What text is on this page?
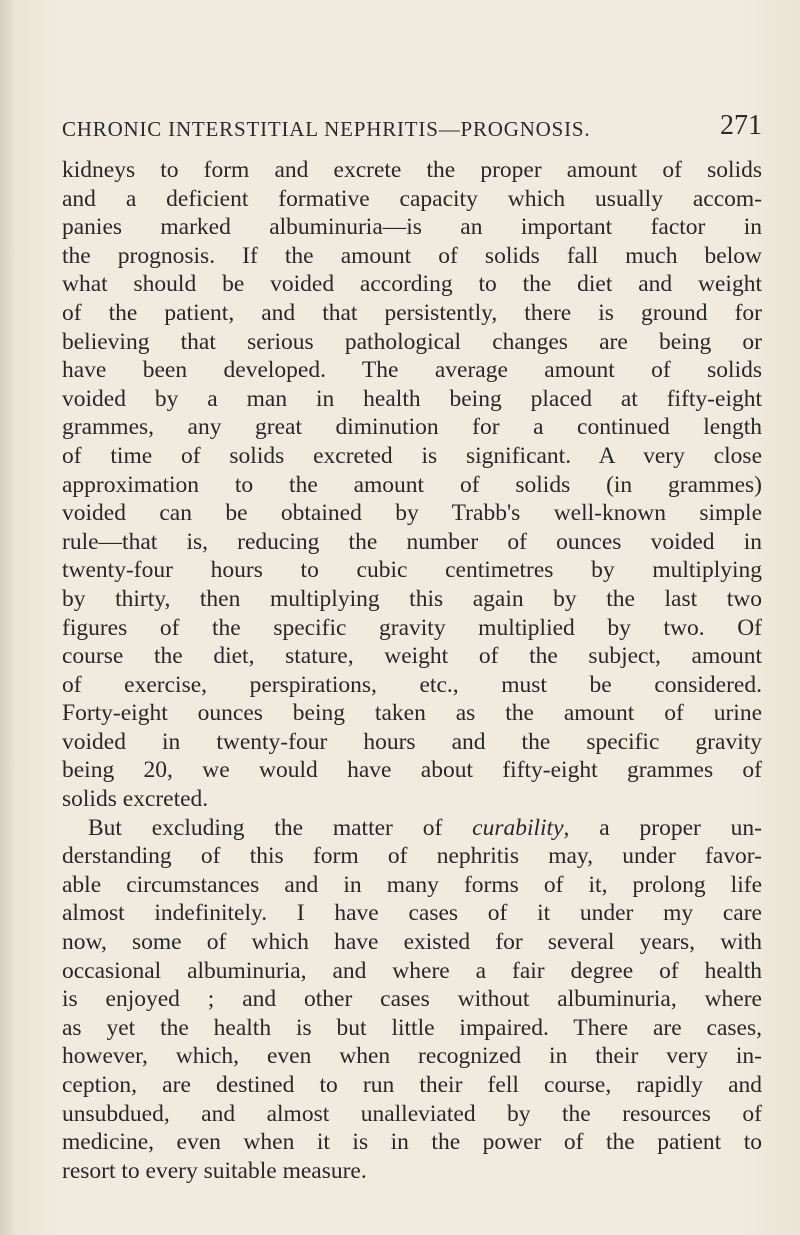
CHRONIC INTERSTITIAL NEPHRITIS—PROGNOSIS.	271
kidneys to form and excrete the proper amount of solids
and a deficient formative capacity which usually accom-
panies marked albuminuria—is an important factor in
the prognosis. If the amount of solids fall much below
what should be voided according to the diet and weight
of the patient, and that persistently, there is ground for
believing that serious pathological changes are being or
have been developed. The average amount of solids
voided by a man in health being placed at fifty-eight
grammes, any great diminution for a continued length
of time of solids excreted is significant. A very close
approximation to the amount of solids (in grammes)
voided can be obtained by Trabb's well-known simple
rule—that is, reducing the number of ounces voided in
twenty-four hours to cubic centimetres by multiplying
by thirty, then multiplying this again by the last two
figures of the specific gravity multiplied by two. Of
course the diet, stature, weight of the subject, amount
of exercise, perspirations, etc., must be considered.
Forty-eight ounces being taken as the amount of urine
voided in twenty-four hours and the specific gravity
being 20, we would have about fifty-eight grammes of
solids excreted.
But excluding the matter of curability, a proper un-
derstanding of this form of nephritis may, under favor-
able circumstances and in many forms of it, prolong life
almost indefinitely. I have cases of it under my care
now, some of which have existed for several years, with
occasional albuminuria, and where a fair degree of health
is enjoyed ; and other cases without albuminuria, where
as yet the health is but little impaired. There are cases,
however, which, even when recognized in their very in-
ception, are destined to run their fell course, rapidly and
unsubdued, and almost unalleviated by the resources of
medicine, even when it is in the power of the patient to
resort to every suitable measure.
